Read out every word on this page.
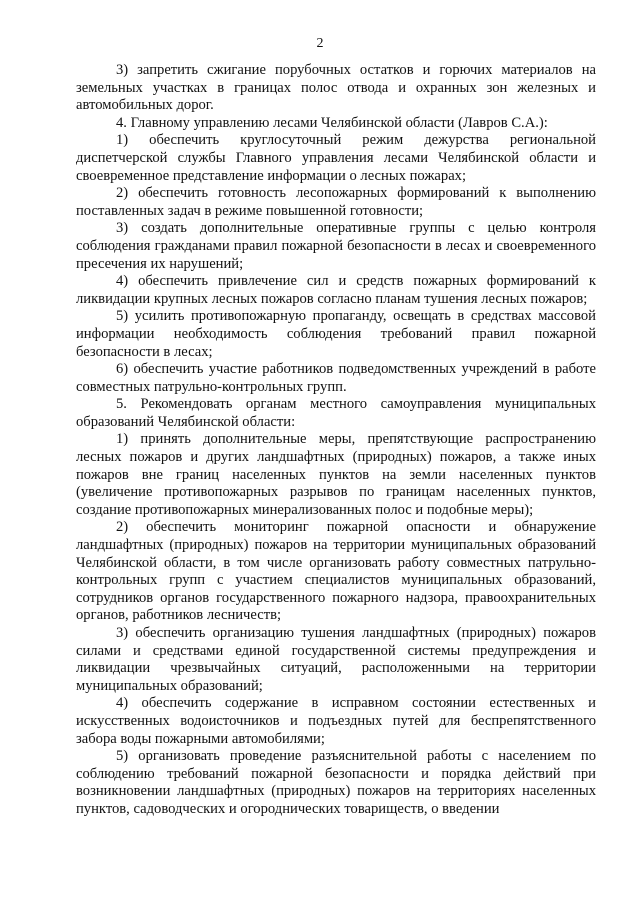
2

3) запретить сжигание порубочных остатков и горючих материалов на земельных участках в границах полос отвода и охранных зон железных и автомобильных дорог.

4. Главному управлению лесами Челябинской области (Лавров С.А.):

1) обеспечить круглосуточный режим дежурства региональной диспетчерской службы Главного управления лесами Челябинской области и своевременное представление информации о лесных пожарах;

2) обеспечить готовность лесопожарных формирований к выполнению поставленных задач в режиме повышенной готовности;

3) создать дополнительные оперативные группы с целью контроля соблюдения гражданами правил пожарной безопасности в лесах и своевременного пресечения их нарушений;

4) обеспечить привлечение сил и средств пожарных формирований к ликвидации крупных лесных пожаров согласно планам тушения лесных пожаров;

5) усилить противопожарную пропаганду, освещать в средствах массовой информации необходимость соблюдения требований правил пожарной безопасности в лесах;

6) обеспечить участие работников подведомственных учреждений в работе совместных патрульно-контрольных групп.

5. Рекомендовать органам местного самоуправления муниципальных образований Челябинской области:

1) принять дополнительные меры, препятствующие распространению лесных пожаров и других ландшафтных (природных) пожаров, а также иных пожаров вне границ населенных пунктов на земли населенных пунктов (увеличение противопожарных разрывов по границам населенных пунктов, создание противопожарных минерализованных полос и подобные меры);

2) обеспечить мониторинг пожарной опасности и обнаружение ландшафтных (природных) пожаров на территории муниципальных образований Челябинской области, в том числе организовать работу совместных патрульно-контрольных групп с участием специалистов муниципальных образований, сотрудников органов государственного пожарного надзора, правоохранительных органов, работников лесничеств;

3) обеспечить организацию тушения ландшафтных (природных) пожаров силами и средствами единой государственной системы предупреждения и ликвидации чрезвычайных ситуаций, расположенными на территории муниципальных образований;

4) обеспечить содержание в исправном состоянии естественных и искусственных водоисточников и подъездных путей для беспрепятственного забора воды пожарными автомобилями;

5) организовать проведение разъяснительной работы с населением по соблюдению требований пожарной безопасности и порядка действий при возникновении ландшафтных (природных) пожаров на территориях населенных пунктов, садоводческих и огороднических товариществ, о введении
